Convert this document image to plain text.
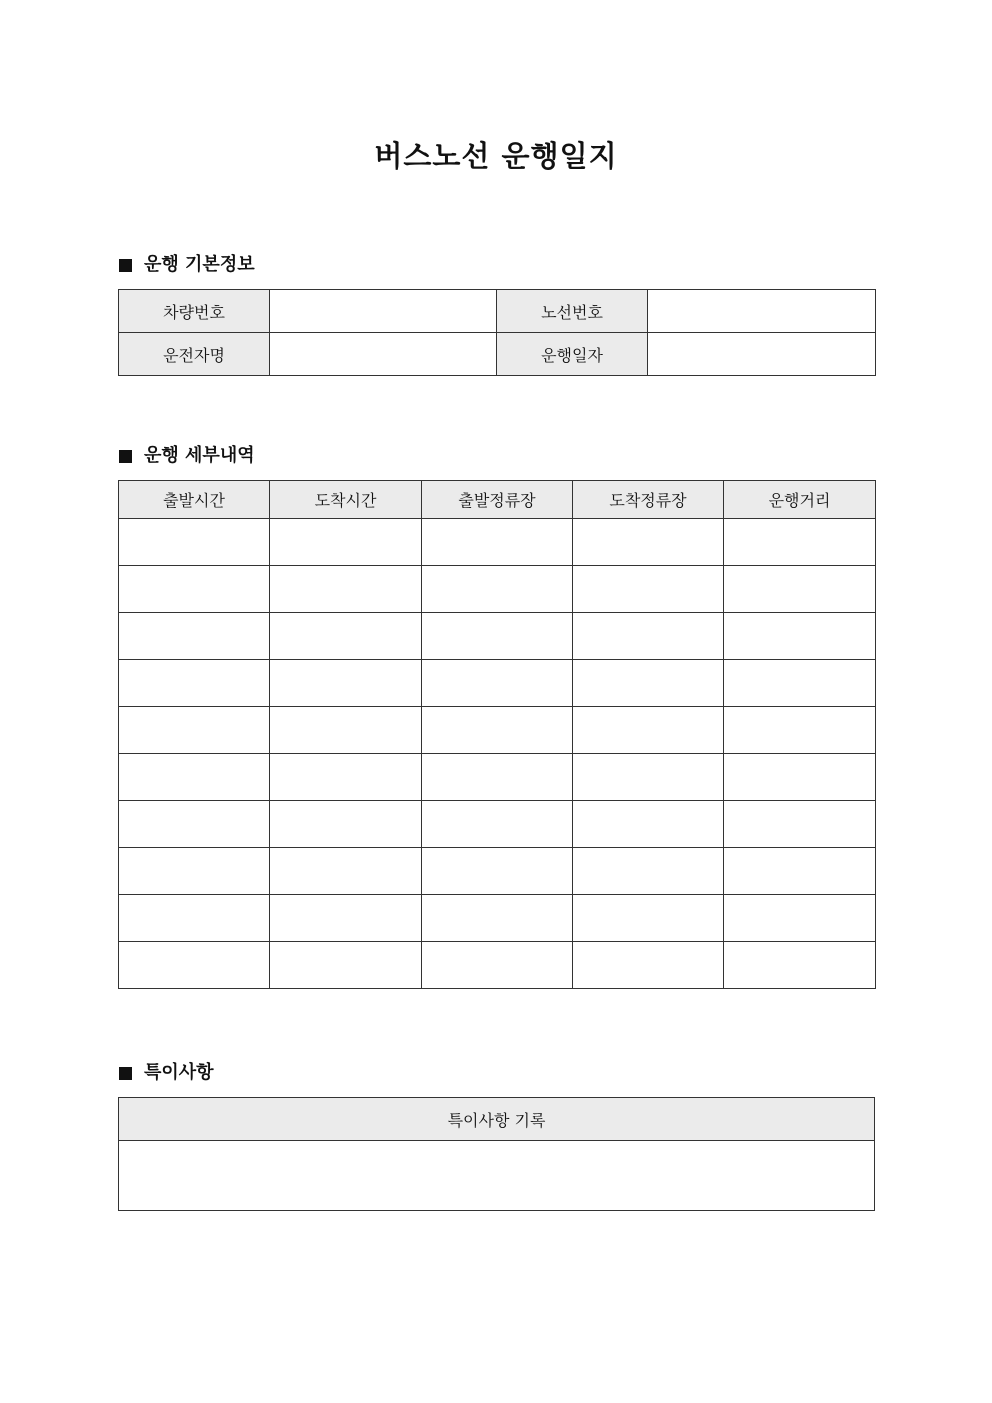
버스노선 운행일지
운행 기본정보
차량번호		노선번호	
운전자명		운행일자	
운행 세부내역
출발시간	도착시간	출발정류장	도착정류장	운행거리

특이사항
특이사항 기록
